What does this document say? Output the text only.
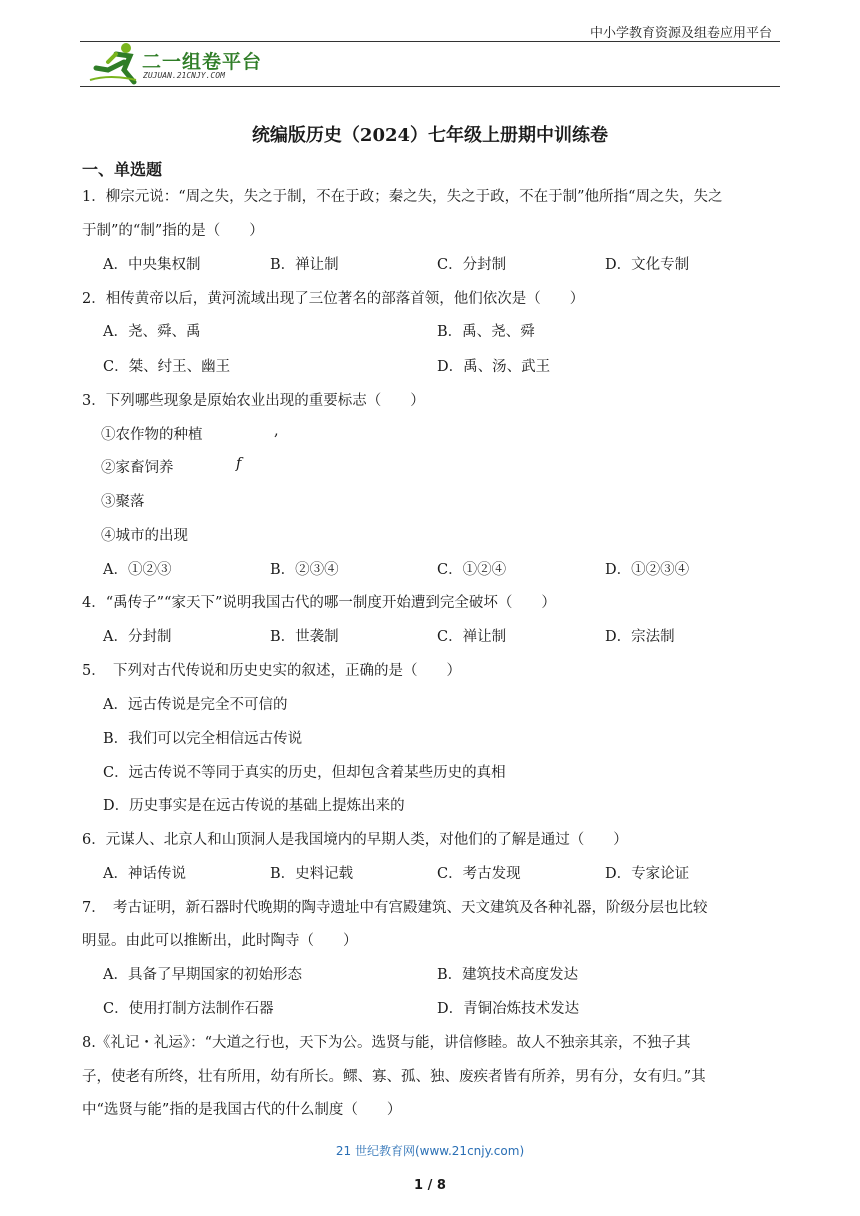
中小学教育资源及组卷应用平台
二一组卷平台
ZUJUAN.21CNJY.COM
统编版历史（2024）七年级上册期中训练卷
一、单选题
1．柳宗元说：“周之失，失之于制，不在于政；秦之失，失之于政，不在于制”他所指“周之失，失之
于制”的“制”指的是（　　）
A．中央集权制	B．禅让制	C．分封制	D．文化专制
2．相传黄帝以后，黄河流域出现了三位著名的部落首领，他们依次是（　　）
A．尧、舜、禹	B．禹、尧、舜
C．桀、纣王、幽王	D．禹、汤、武王
3．下列哪些现象是原始农业出现的重要标志（　　）
①农作物的种植	,
②家畜饲养	f
③聚落
④城市的出现
A．①②③	B．②③④	C．①②④	D．①②③④
4．“禹传子”“家天下”说明我国古代的哪一制度开始遭到完全破坏（　　）
A．分封制	B．世袭制	C．禅让制	D．宗法制
5．　下列对古代传说和历史史实的叙述，正确的是（　　）
A．远古传说是完全不可信的
B．我们可以完全相信远古传说
C．远古传说不等同于真实的历史，但却包含着某些历史的真相
D．历史事实是在远古传说的基础上提炼出来的
6．元谋人、北京人和山顶洞人是我国境内的早期人类，对他们的了解是通过（　　）
A．神话传说	B．史料记载	C．考古发现	D．专家论证
7．　考古证明，新石器时代晚期的陶寺遗址中有宫殿建筑、天文建筑及各种礼器，阶级分层也比较
明显。由此可以推断出，此时陶寺（　　）
A．具备了早期国家的初始形态	B．建筑技术高度发达
C．使用打制方法制作石器	D．青铜冶炼技术发达
8.《礼记・礼运》：“大道之行也，天下为公。选贤与能，讲信修睦。故人不独亲其亲，不独子其
子，使老有所终，壮有所用，幼有所长。鳏、寡、孤、独、废疾者皆有所养，男有分，女有归。”其
中“选贤与能”指的是我国古代的什么制度（　　）
21 世纪教育网(www.21cnjy.com)
1 / 8
